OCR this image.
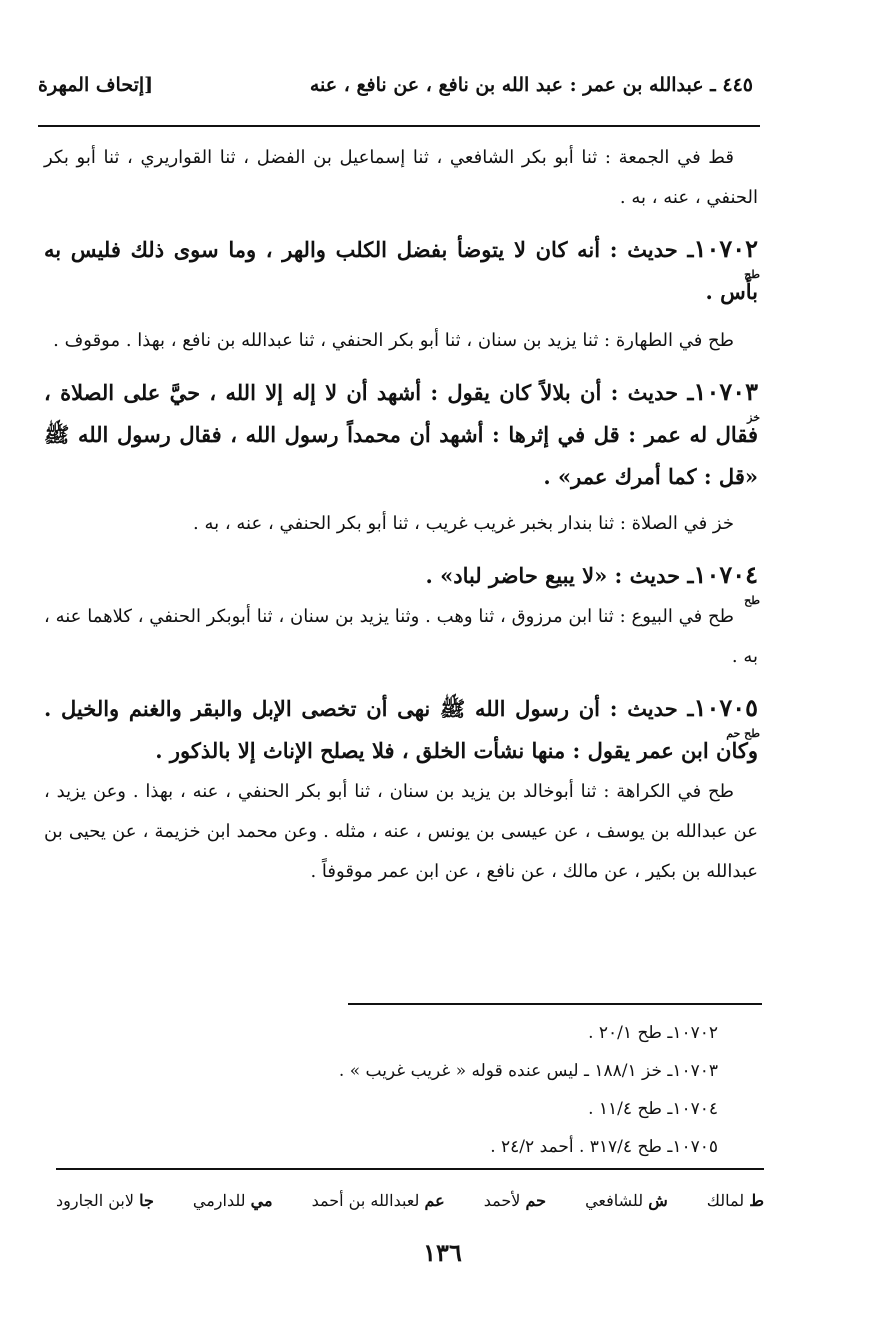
٤٤٥ ـ عبدالله بن عمر : عبد الله بن نافع ، عن نافع ، عنه
[إتحاف المهرة

قط في الجمعة : ثنا أبو بكر الشافعي ، ثنا إسماعيل بن الفضل ، ثنا القواريري ، ثنا أبو بكر الحنفي ، عنه ، به .

١٠٧٠٢ـ حديث : أنه كان لا يتوضأ بفضل الكلب والهر ، وما سوى ذلك فليس به بأس .
طح

طح في الطهارة : ثنا يزيد بن سنان ، ثنا أبو بكر الحنفي ، ثنا عبدالله بن نافع ، بهذا . موقوف .

١٠٧٠٣ـ حديث : أن بلالاً كان يقول : أشهد أن لا إله إلا الله ، حيَّ على الصلاة ، فقال له عمر : قل في إثرها : أشهد أن محمداً رسول الله ، فقال رسول الله ﷺ «قل : كما أمرك عمر» .
خز

خز في الصلاة : ثنا بندار بخبر غريب غريب ، ثنا أبو بكر الحنفي ، عنه ، به .

١٠٧٠٤ـ حديث : «لا يبيع حاضر لباد» .
طح

طح في البيوع : ثنا ابن مرزوق ، ثنا وهب . وثنا يزيد بن سنان ، ثنا أبوبكر الحنفي ، كلاهما عنه ، به .

١٠٧٠٥ـ حديث : أن رسول الله ﷺ نهى أن تخصى الإبل والبقر والغنم والخيل . وكان ابن عمر يقول : منها نشأت الخلق ، فلا يصلح الإناث إلا بالذكور .
طح حم

طح في الكراهة : ثنا أبوخالد بن يزيد بن سنان ، ثنا أبو بكر الحنفي ، عنه ، بهذا . وعن يزيد ، عن عبدالله بن يوسف ، عن عيسى بن يونس ، عنه ، مثله . وعن محمد ابن خزيمة ، عن يحيى بن عبدالله بن بكير ، عن مالك ، عن نافع ، عن ابن عمر موقوفاً .

١٠٧٠٢ـ طح ٢٠/١ .

١٠٧٠٣ـ خز ١٨٨/١ ـ ليس عنده قوله « غريب غريب » .

١٠٧٠٤ـ طح ١١/٤ .

١٠٧٠٥ـ طح ٣١٧/٤ . أحمد ٢٤/٢ .

ط لمالك
ش للشافعي
حم لأحمد
عم لعبدالله بن أحمد
مي للدارمي
جا لابن الجارود
١٣٦
